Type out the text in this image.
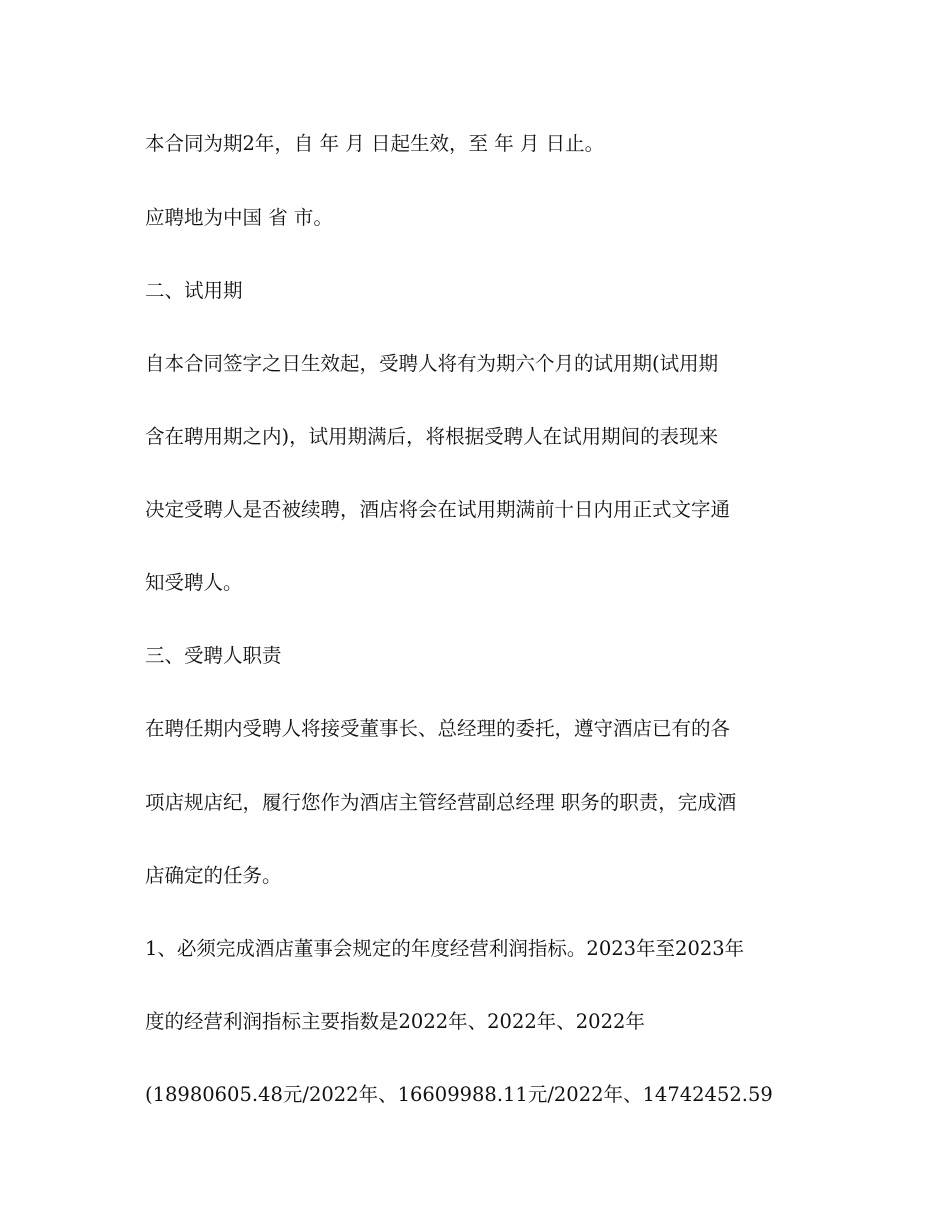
本合同为期2年，自 年 月 日起生效，至 年 月 日止。
应聘地为中国 省 市。
二、试用期
自本合同签字之日生效起，受聘人将有为期六个月的试用期(试用期
含在聘用期之内)，试用期满后，将根据受聘人在试用期间的表现来
决定受聘人是否被续聘，酒店将会在试用期满前十日内用正式文字通
知受聘人。
三、受聘人职责
在聘任期内受聘人将接受董事长、总经理的委托，遵守酒店已有的各
项店规店纪，履行您作为酒店主管经营副总经理 职务的职责，完成酒
店确定的任务。
1、必须完成酒店董事会规定的年度经营利润指标。2023年至2023年
度的经营利润指标主要指数是2022年、2022年、2022年
(18980605.48元/2022年、16609988.11元/2022年、14742452.59
